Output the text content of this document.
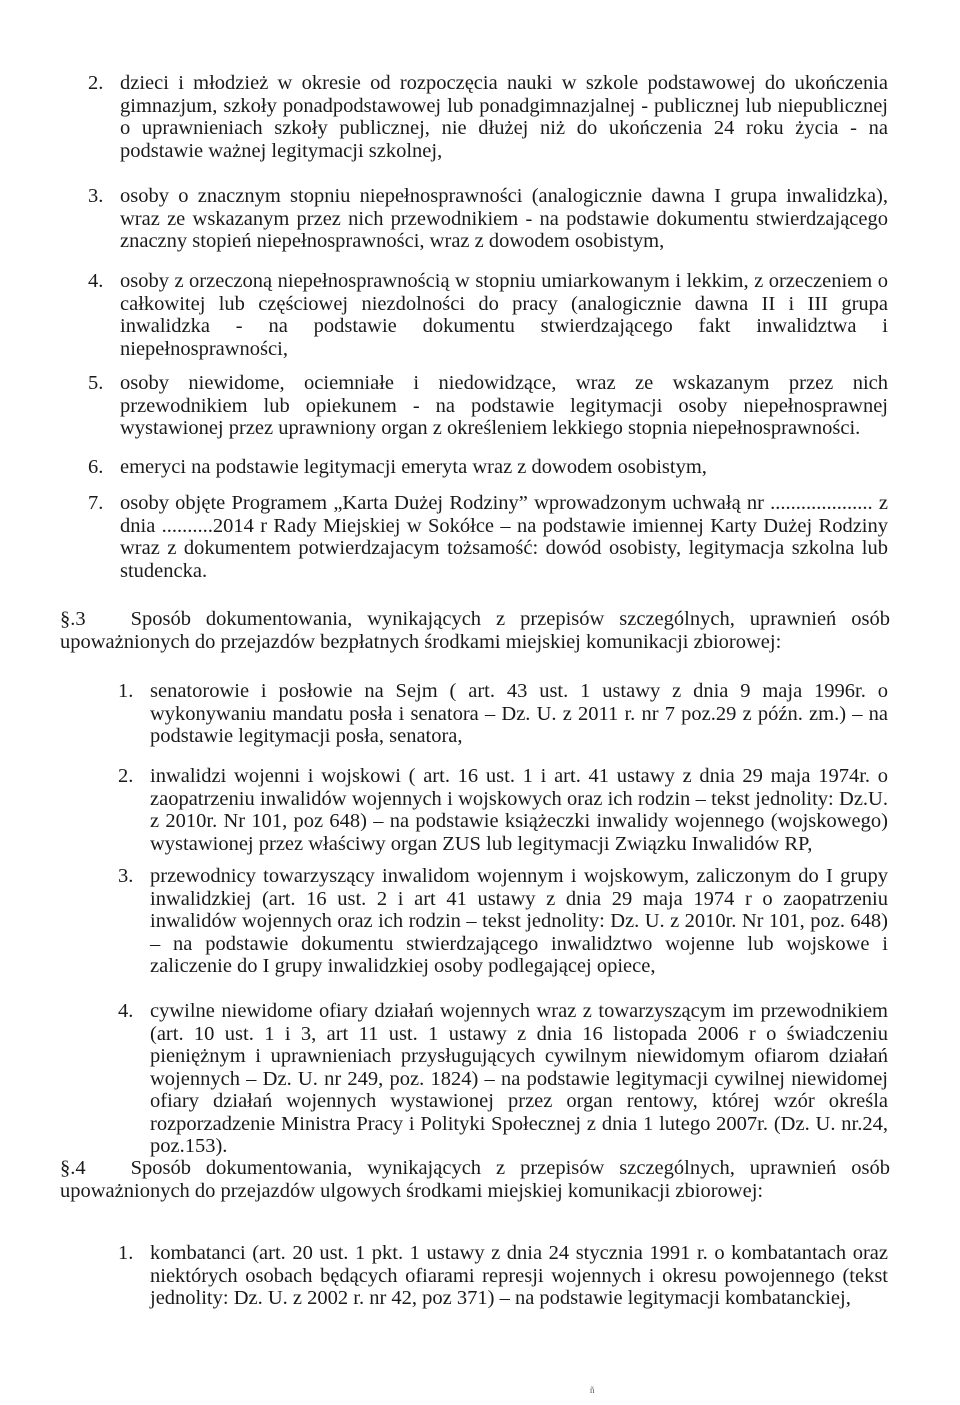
2. dzieci i młodzież w okresie od rozpoczęcia nauki w szkole podstawowej do ukończenia gimnazjum, szkoły ponadpodstawowej lub ponadgimnazjalnej - publicznej lub niepublicznej o uprawnieniach szkoły publicznej, nie dłużej niż do ukończenia 24 roku życia - na podstawie ważnej legitymacji szkolnej,
3. osoby o znacznym stopniu niepełnosprawności (analogicznie dawna I grupa inwalidzka), wraz ze wskazanym przez nich przewodnikiem - na podstawie dokumentu stwierdzającego znaczny stopień niepełnosprawności, wraz z dowodem osobistym,
4. osoby z orzeczoną niepełnosprawnością w stopniu umiarkowanym i lekkim, z orzeczeniem o całkowitej lub częściowej niezdolności do pracy (analogicznie dawna II i III grupa inwalidzka - na podstawie dokumentu stwierdzającego fakt inwalidztwa i niepełnosprawności,
5. osoby niewidome, ociemniałe i niedowidzące, wraz ze wskazanym przez nich przewodnikiem lub opiekunem - na podstawie legitymacji osoby niepełnosprawnej wystawionej przez uprawniony organ z określeniem lekkiego stopnia niepełnosprawności.
6. emeryci na podstawie legitymacji emeryta wraz z dowodem osobistym,
7. osoby objęte Programem „Karta Dużej Rodziny” wprowadzonym uchwałą nr .................... z dnia ..........2014 r Rady Miejskiej w Sokółce – na podstawie imiennej Karty Dużej Rodziny wraz z dokumentem potwierdzajacym tożsamość: dowód osobisty, legitymacja szkolna lub studencka.
§.3 Sposób dokumentowania, wynikających z przepisów szczególnych, uprawnień osób upoważnionych do przejazdów bezpłatnych środkami miejskiej komunikacji zbiorowej:
1. senatorowie i posłowie na Sejm ( art. 43 ust. 1 ustawy z dnia 9 maja 1996r. o wykonywaniu mandatu posła i senatora – Dz. U. z 2011 r. nr 7 poz.29 z późn. zm.) – na podstawie legitymacji posła, senatora,
2. inwalidzi wojenni i wojskowi ( art. 16 ust. 1 i art. 41 ustawy z dnia 29 maja 1974r. o zaopatrzeniu inwalidów wojennych i wojskowych oraz ich rodzin – tekst jednolity: Dz.U. z 2010r. Nr 101, poz 648) – na podstawie książeczki inwalidy wojennego (wojskowego) wystawionej przez właściwy organ ZUS lub legitymacji Związku Inwalidów RP,
3. przewodnicy towarzyszący inwalidom wojennym i wojskowym, zaliczonym do I grupy inwalidzkiej (art. 16 ust. 2 i art 41 ustawy z dnia 29 maja 1974 r o zaopatrzeniu inwalidów wojennych oraz ich rodzin – tekst jednolity: Dz. U. z 2010r. Nr 101, poz. 648) – na podstawie dokumentu stwierdzającego inwalidztwo wojenne lub wojskowe i zaliczenie do I grupy inwalidzkiej osoby podlegającej opiece,
4. cywilne niewidome ofiary działań wojennych wraz z towarzyszącym im przewodnikiem (art. 10 ust. 1 i 3, art 11 ust. 1 ustawy z dnia 16 listopada 2006 r o świadczeniu pieniężnym i uprawnieniach przysługujących cywilnym niewidomym ofiarom działań wojennych – Dz. U. nr 249, poz. 1824) – na podstawie legitymacji cywilnej niewidomej ofiary działań wojennych wystawionej przez organ rentowy, której wzór określa rozporzadzenie Ministra Pracy i Polityki Społecznej z dnia 1 lutego 2007r. (Dz. U. nr.24, poz.153).
§.4 Sposób dokumentowania, wynikających z przepisów szczególnych, uprawnień osób upoważnionych do przejazdów ulgowych środkami miejskiej komunikacji zbiorowej:
1. kombatanci (art. 20 ust. 1 pkt. 1 ustawy z dnia 24 stycznia 1991 r. o kombatantach oraz niektórych osobach będących ofiarami represji wojennych i okresu powojennego (tekst jednolity: Dz. U. z 2002 r. nr 42, poz 371) – na podstawie legitymacji kombatanckiej,
ñ
